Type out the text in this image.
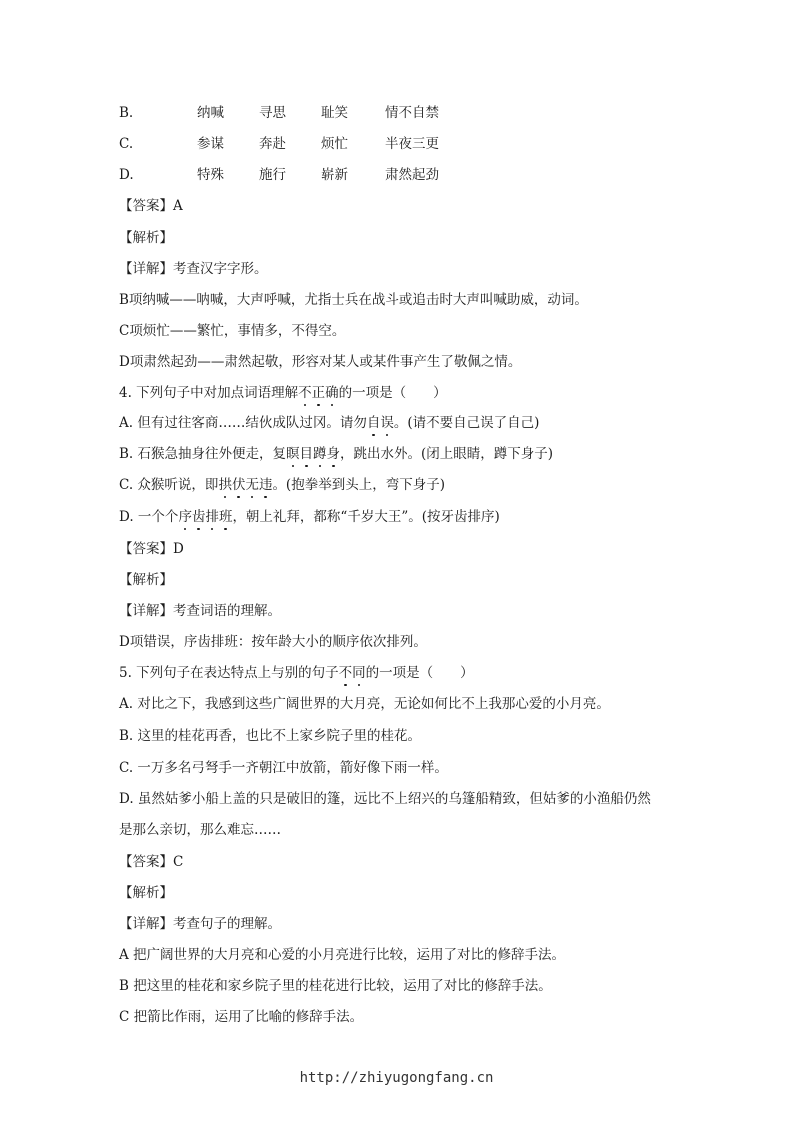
B.	纳喊	寻思	耻笑	情不自禁
C.	参谋	奔赴	烦忙	半夜三更
D.	特殊	施行	崭新	肃然起劲
【答案】A
【解析】
【详解】考查汉字字形。
B项纳喊——呐喊，大声呼喊，尤指士兵在战斗或追击时大声叫喊助威，动词。
C项烦忙——繁忙，事情多，不得空。
D项肃然起劲——肃然起敬，形容对某人或某件事产生了敬佩之情。
4. 下列句子中对加点词语理解不正确的一项是（　　）
A. 但有过往客商……结伙成队过冈。请勿自误。(请不要自己误了自己)
B. 石猴急抽身往外便走，复瞑目蹲身，跳出水外。(闭上眼睛，蹲下身子)
C. 众猴听说，即拱伏无违。(抱拳举到头上，弯下身子)
D. 一个个序齿排班，朝上礼拜，都称“千岁大王”。(按牙齿排序)
【答案】D
【解析】
【详解】考查词语的理解。
D项错误，序齿排班：按年龄大小的顺序依次排列。
5. 下列句子在表达特点上与别的句子不同的一项是（　　）
A. 对比之下，我感到这些广阔世界的大月亮，无论如何比不上我那心爱的小月亮。
B. 这里的桂花再香，也比不上家乡院子里的桂花。
C. 一万多名弓弩手一齐朝江中放箭，箭好像下雨一样。
D. 虽然姑爹小船上盖的只是破旧的篷，远比不上绍兴的乌篷船精致，但姑爹的小渔船仍然
是那么亲切，那么难忘……
【答案】C
【解析】
【详解】考查句子的理解。
A 把广阔世界的大月亮和心爱的小月亮进行比较，运用了对比的修辞手法。
B 把这里的桂花和家乡院子里的桂花进行比较，运用了对比的修辞手法。
C 把箭比作雨，运用了比喻的修辞手法。
http://zhiyugongfang.cn
